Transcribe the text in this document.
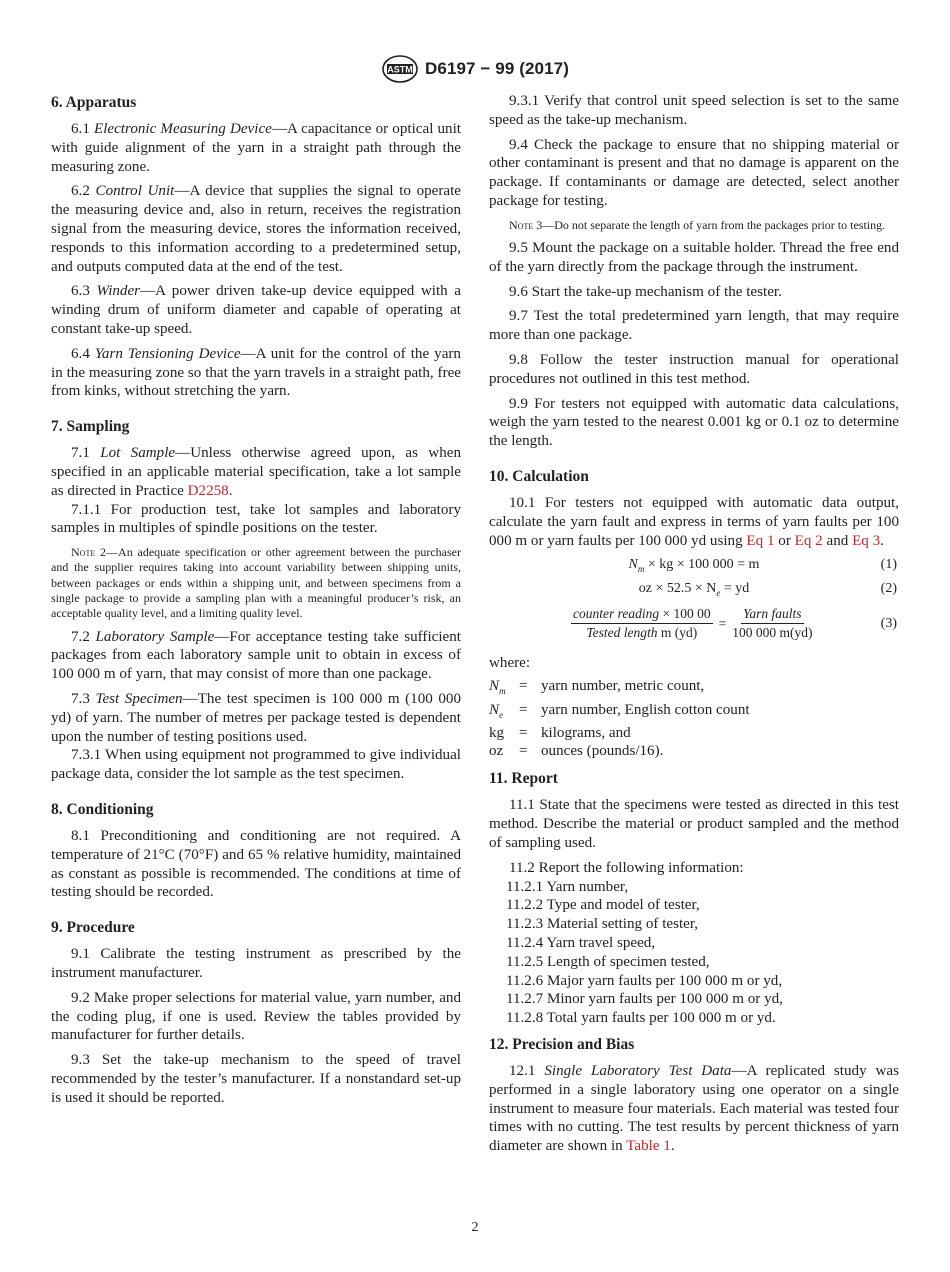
ASTM D6197 − 99 (2017)
6. Apparatus

6.1 Electronic Measuring Device—A capacitance or optical unit with guide alignment of the yarn in a straight path through the measuring zone.

6.2 Control Unit—A device that supplies the signal to operate the measuring device and, also in return, receives the registration signal from the measuring device, stores the information received, responds to this information according to a predetermined setup, and outputs computed data at the end of the test.

6.3 Winder—A power driven take-up device equipped with a winding drum of uniform diameter and capable of operating at constant take-up speed.

6.4 Yarn Tensioning Device—A unit for the control of the yarn in the measuring zone so that the yarn travels in a straight path, free from kinks, without stretching the yarn.

7. Sampling

7.1 Lot Sample—Unless otherwise agreed upon, as when specified in an applicable material specification, take a lot sample as directed in Practice D2258.

7.1.1 For production test, take lot samples and laboratory samples in multiples of spindle positions on the tester.

Note 2—An adequate specification or other agreement between the purchaser and the supplier requires taking into account variability between shipping units, between packages or ends within a shipping unit, and between specimens from a single package to provide a sampling plan with a meaningful producer’s risk, an acceptable quality level, and a limiting quality level.

7.2 Laboratory Sample—For acceptance testing take sufficient packages from each laboratory sample unit to obtain in excess of 100 000 m of yarn, that may consist of more than one package.

7.3 Test Specimen—The test specimen is 100 000 m (100 000 yd) of yarn. The number of metres per package tested is dependent upon the number of testing positions used.

7.3.1 When using equipment not programmed to give individual package data, consider the lot sample as the test specimen.

8. Conditioning

8.1 Preconditioning and conditioning are not required. A temperature of 21°C (70°F) and 65 % relative humidity, maintained as constant as possible is recommended. The conditions at time of testing should be recorded.

9. Procedure

9.1 Calibrate the testing instrument as prescribed by the instrument manufacturer.

9.2 Make proper selections for material value, yarn number, and the coding plug, if one is used. Review the tables provided by manufacturer for further details.

9.3 Set the take-up mechanism to the speed of travel recommended by the tester’s manufacturer. If a nonstandard set-up is used it should be reported.

9.3.1 Verify that control unit speed selection is set to the same speed as the take-up mechanism.

9.4 Check the package to ensure that no shipping material or other contaminant is present and that no damage is apparent on the package. If contaminants or damage are detected, select another package for testing.

Note 3—Do not separate the length of yarn from the packages prior to testing.

9.5 Mount the package on a suitable holder. Thread the free end of the yarn directly from the package through the instrument.

9.6 Start the take-up mechanism of the tester.

9.7 Test the total predetermined yarn length, that may require more than one package.

9.8 Follow the tester instruction manual for operational procedures not outlined in this test method.

9.9 For testers not equipped with automatic data calculations, weigh the yarn tested to the nearest 0.001 kg or 0.1 oz to determine the length.

10. Calculation

10.1 For testers not equipped with automatic data output, calculate the yarn fault and express in terms of yarn faults per 100 000 m or yarn faults per 100 000 yd using Eq 1 or Eq 2 and Eq 3.

$N_m$ × kg × 100 000 = m	(1)
oz × $52.5 \times N_e$ = yd	(2)
counter reading × 100 00
Tested length m (yd)
=
Yarn faults
100 000 m(yd)
(3)
where:
$N_m$ = yarn number, metric count,
$N_e$	= yarn number, English cotton count
kg = kilograms, and
oz	= ounces (pounds/16).
11. Report

11.1 State that the specimens were tested as directed in this test method. Describe the material or product sampled and the method of sampling used.

11.2 Report the following information:

11.2.1 Yarn number,

11.2.2 Type and model of tester,

11.2.3 Material setting of tester,

11.2.4 Yarn travel speed,

11.2.5 Length of specimen tested,

11.2.6 Major yarn faults per 100 000 m or yd,

11.2.7 Minor yarn faults per 100 000 m or yd,

11.2.8 Total yarn faults per 100 000 m or yd.

12. Precision and Bias

12.1 Single Laboratory Test Data—A replicated study was performed in a single laboratory using one operator on a single instrument to measure four materials. Each material was tested four times with no cutting. The test results by percent thickness of yarn diameter are shown in Table 1.

2
